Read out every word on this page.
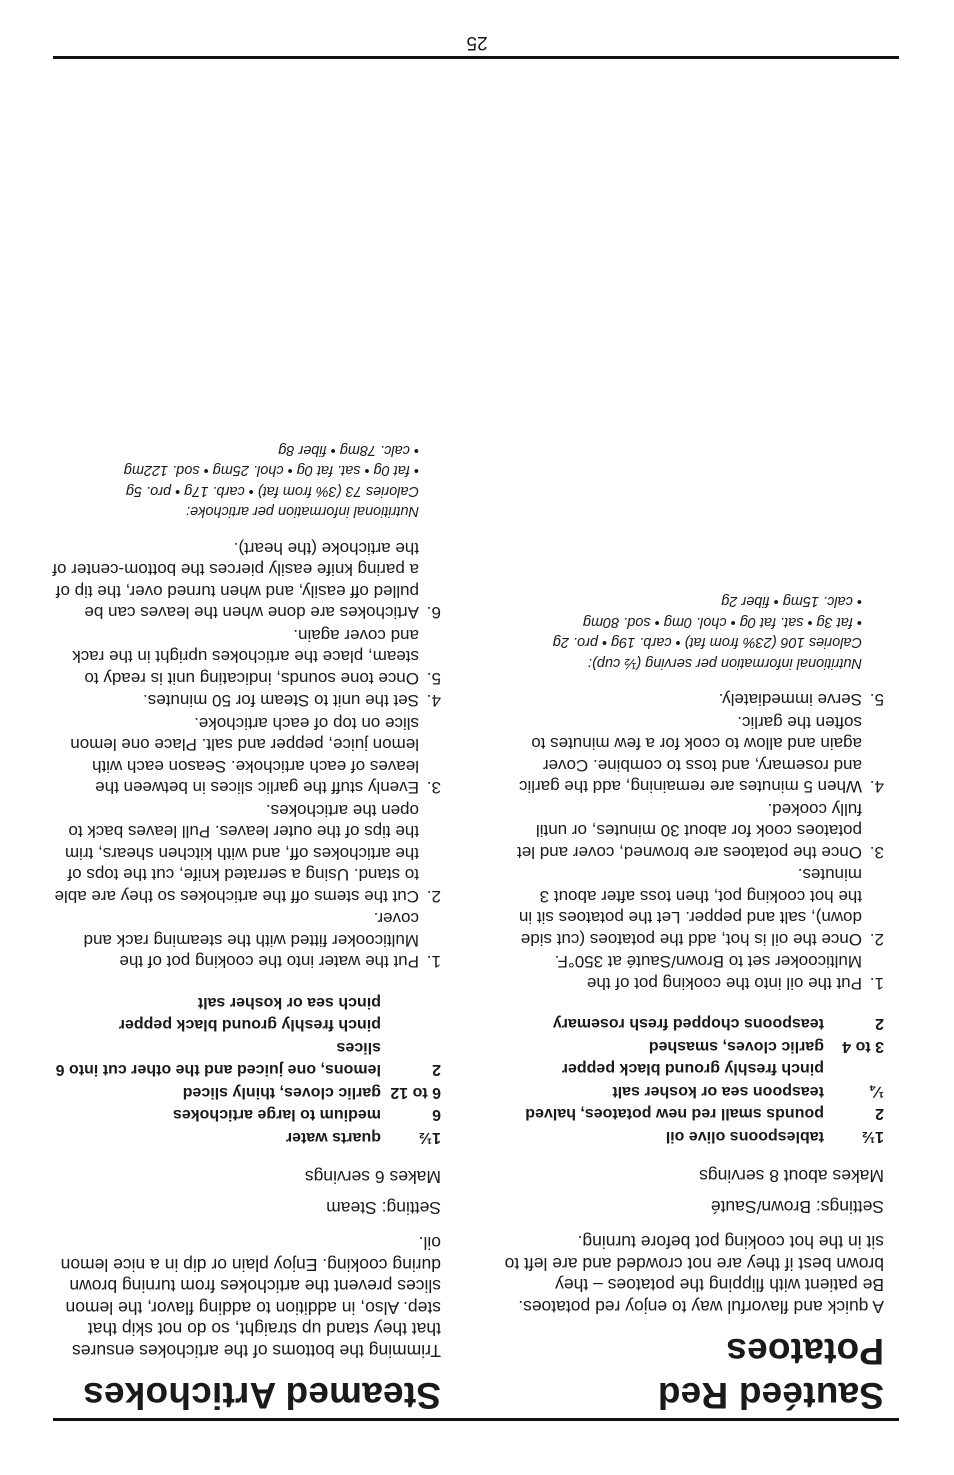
25
Sautéed Red Potatoes

A quick and flavorful way to enjoy red potatoes. Be patient with flipping the potatoes – they brown best if they are not crowded and are left to sit in the hot cooking pot before turning.

Settings: Brown/Sauté

Makes about 8 servings

1½
tablespoons olive oil
2
pounds small red new potatoes, halved
¼
teaspoon sea or kosher salt
pinch freshly ground black pepper
3 to 4
garlic cloves, smashed
2
teaspoons chopped fresh rosemary
1.
Put the oil into the cooking pot of the Multicooker set to Brown/Sauté at 350°F.
2.
Once the oil is hot, add the potatoes (cut side down), salt and pepper. Let the potatoes sit in the hot cooking pot, then toss after about 3 minutes.
3.
Once the potatoes are browned, cover and let potatoes cook for about 30 minutes, or until fully cooked.
4.
When 5 minutes are remaining, add the garlic and rosemary, and toss to combine. Cover again and allow to cook for a few minutes to soften the garlic.
5.
Serve immediately.
Nutritional information per serving (½ cup):
Calories 106 (23% from fat) • carb. 19g • pro. 2g
• fat 3g • sat. fat 0g • chol. 0mg • sod. 80mg
• calc. 15mg • fiber 2g
Steamed Artichokes

Trimming the bottoms of the artichokes ensures that they stand up straight, so do not skip that step. Also, in addition to adding flavor, the lemon slices prevent the artichokes from turning brown during cooking. Enjoy plain or dip in a nice lemon oil.

Setting: Steam

Makes 6 servings

1½
quarts water
6
medium to large artichokes
6 to 12
garlic cloves, thinly sliced
2
lemons, one juiced and the other cut into 6 slices
pinch freshly ground black pepper
pinch sea or kosher salt
1.
Put the water into the cooking pot of the Multicooker fitted with the steaming rack and cover.
2.
Cut the stems off the artichokes so they are able to stand. Using a serrated knife, cut the tops of the artichokes off, and with kitchen shears, trim the tips of the outer leaves. Pull leaves back to open the artichokes.
3.
Evenly stuff the garlic slices in between the leaves of each artichoke. Season each with lemon juice, pepper and salt. Place one lemon slice on top of each artichoke.
4.
Set the unit to Steam for 50 minutes.
5.
Once tone sounds, indicating unit is ready to steam, place the artichokes upright in the rack and cover again.
6.
Artichokes are done when the leaves can be pulled off easily, and when turned over, the tip of a paring knife easily pierces the bottom-center of the artichoke (the heart).
Nutritional information per artichoke:
Calories 73 (3% from fat) • carb. 17g • pro. 5g
• fat 0g • sat. fat 0g • chol. 25mg • sod. 122mg
• calc. 78mg • fiber 8g
